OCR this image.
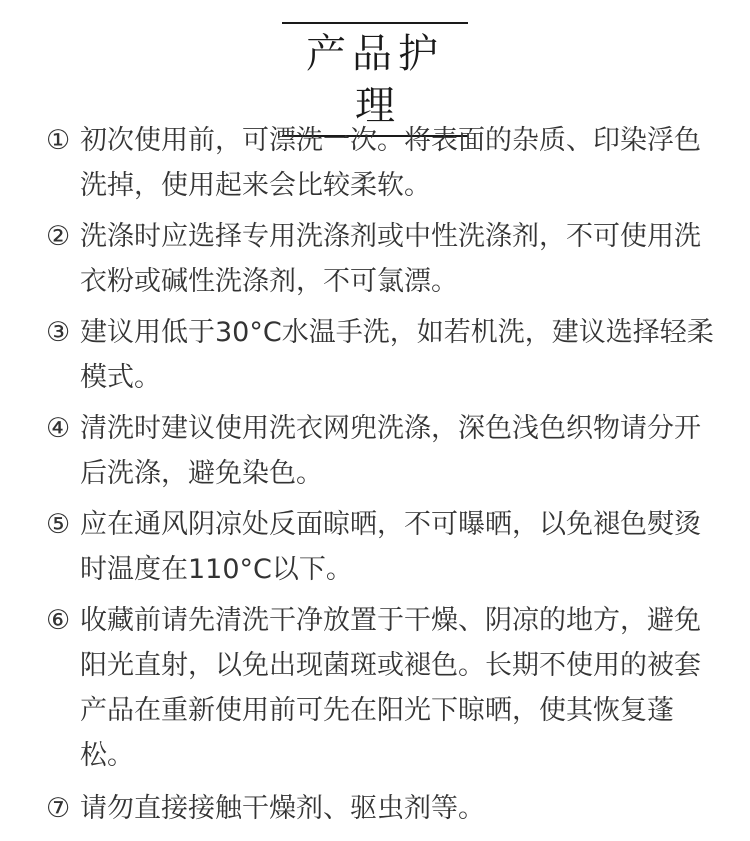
产品护理
① 初次使用前，可漂洗一次。将表面的杂质、印染浮色洗掉，使用起来会比较柔软。
② 洗涤时应选择专用洗涤剂或中性洗涤剂，不可使用洗衣粉或碱性洗涤剂，不可氯漂。
③ 建议用低于30°C水温手洗，如若机洗，建议选择轻柔模式。
④ 清洗时建议使用洗衣网兜洗涤，深色浅色织物请分开后洗涤，避免染色。
⑤ 应在通风阴凉处反面晾晒，不可曝晒，以免褪色熨烫时温度在110°C以下。
⑥ 收藏前请先清洗干净放置于干燥、阴凉的地方，避免阳光直射，以免出现菌斑或褪色。长期不使用的被套产品在重新使用前可先在阳光下晾晒，使其恢复蓬松。
⑦ 请勿直接接触干燥剂、驱虫剂等。
